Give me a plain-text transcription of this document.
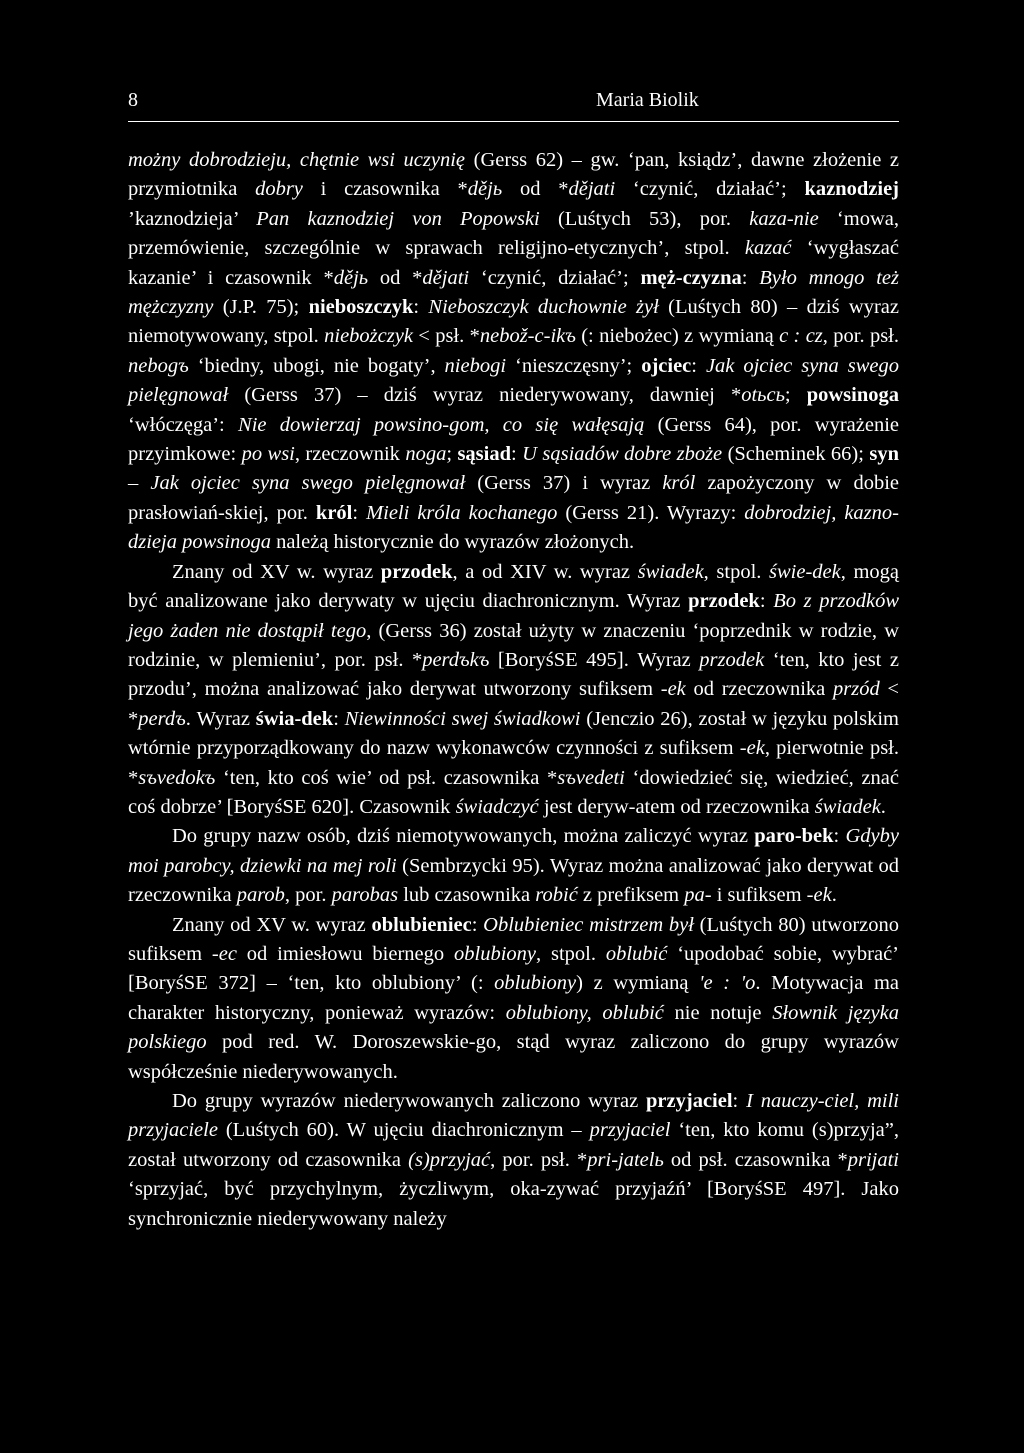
8	Maria Biolik

możny dobrodzieju, chętnie wsi uczynię (Gerss 62) – gw. ‘pan, ksiądz’, dawne złożenie z przymiotnika dobry i czasownika *dějь od *dějati ‘czynić, działać’; kaznodziej ’kaznodzieja’ Pan kaznodziej von Popowski (Luśtych 53), por. kaza-nie ‘mowa, przemówienie, szczególnie w sprawach religijno-etycznych’, stpol. kazać ‘wygłaszać kazanie’ i czasownik *dějь od *dějati ‘czynić, działać’; męż-czyzna: Było mnogo też mężczyzny (J.P. 75); nieboszczyk: Nieboszczyk duchownie żył (Luśtych 80) – dziś wyraz niemotywowany, stpol. niebożczyk < psł. *nebož-c-ikъ (: niebożec) z wymianą c : cz, por. psł. nebogъ ‘biedny, ubogi, nie bogaty’, niebogi ‘nieszczęsny’; ojciec: Jak ojciec syna swego pielęgnował (Gerss 37) – dziś wyraz niederywowany, dawniej *otьcь; powsinoga ‘włóczęga’: Nie dowierzaj powsino-gom, co się wałęsają (Gerss 64), por. wyrażenie przyimkowe: po wsi, rzeczownik noga; sąsiad: U sąsiadów dobre zboże (Scheminek 66); syn – Jak ojciec syna swego pielęgnował (Gerss 37) i wyraz król zapożyczony w dobie prasłowiań-skiej, por. król: Mieli króla kochanego (Gerss 21). Wyrazy: dobrodziej, kazno-dzieja powsinoga należą historycznie do wyrazów złożonych.

Znany od XV w. wyraz przodek, a od XIV w. wyraz świadek, stpol. świe-dek, mogą być analizowane jako derywaty w ujęciu diachronicznym. Wyraz przodek: Bo z przodków jego żaden nie dostąpił tego, (Gerss 36) został użyty w znaczeniu ‘poprzednik w rodzie, w rodzinie, w plemieniu’, por. psł. *perdъkъ [BoryśSE 495]. Wyraz przodek ‘ten, kto jest z przodu’, można analizować jako derywat utworzony sufiksem -ek od rzeczownika przód < *perdъ. Wyraz świa-dek: Niewinności swej świadkowi (Jenczio 26), został w języku polskim wtórnie przyporządkowany do nazw wykonawców czynności z sufiksem -ek, pierwotnie psł. *sъvedokъ ‘ten, kto coś wie’ od psł. czasownika *sъvedeti ‘dowiedzieć się, wiedzieć, znać coś dobrze’ [BoryśSE 620]. Czasownik świadczyć jest deryw-atem od rzeczownika świadek.

Do grupy nazw osób, dziś niemotywowanych, można zaliczyć wyraz paro-bek: Gdyby moi parobcy, dziewki na mej roli (Sembrzycki 95). Wyraz można analizować jako derywat od rzeczownika parob, por. parobas lub czasownika robić z prefiksem pa- i sufiksem -ek.

Znany od XV w. wyraz oblubieniec: Oblubieniec mistrzem był (Luśtych 80) utworzono sufiksem -ec od imiesłowu biernego oblubiony, stpol. oblubić ‘upodobać sobie, wybrać’ [BoryśSE 372] – ‘ten, kto oblubiony’ (: oblubiony) z wymianą 'e : 'o. Motywacja ma charakter historyczny, ponieważ wyrazów: oblubiony, oblubić nie notuje Słownik języka polskiego pod red. W. Doroszewskie-go, stąd wyraz zaliczono do grupy wyrazów współcześnie niederywowanych.

Do grupy wyrazów niederywowanych zaliczono wyraz przyjaciel: I nauczy-ciel, mili przyjaciele (Luśtych 60). W ujęciu diachronicznym – przyjaciel ‘ten, kto komu (s)przyja”, został utworzony od czasownika (s)przyjać, por. psł. *pri-jatelь od psł. czasownika *prijati ‘sprzyjać, być przychylnym, życzliwym, oka-zywać przyjaźń’ [BoryśSE 497]. Jako synchronicznie niederywowany należy
